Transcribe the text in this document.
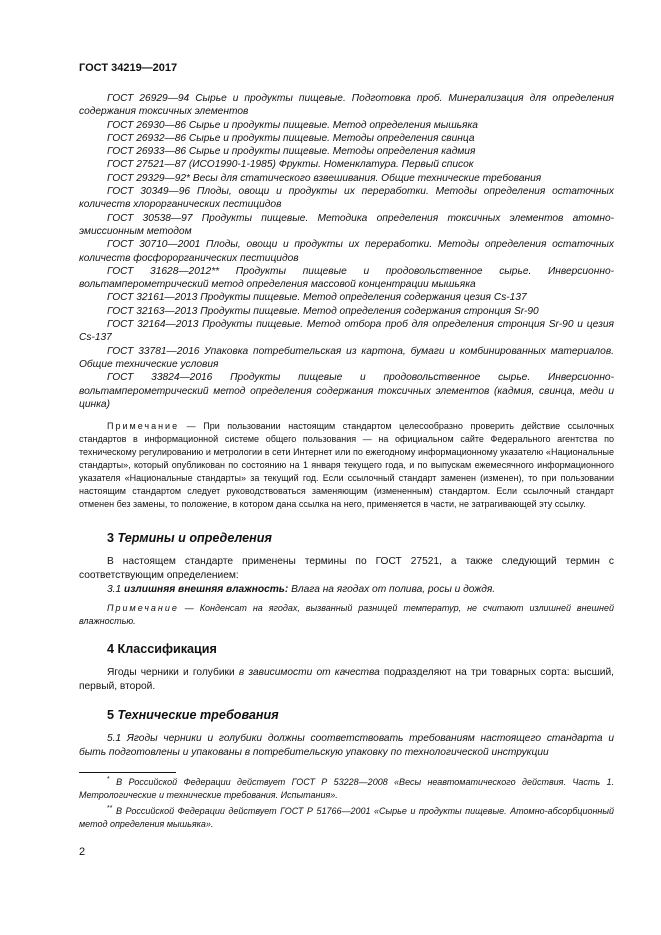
ГОСТ 34219—2017

ГОСТ 26929—94 Сырье и продукты пищевые. Подготовка проб. Минерализация для определения содержания токсичных элементов

ГОСТ 26930—86 Сырье и продукты пищевые. Метод определения мышьяка

ГОСТ 26932—86 Сырье и продукты пищевые. Методы определения свинца

ГОСТ 26933—86 Сырье и продукты пищевые. Методы определения кадмия

ГОСТ 27521—87 (ИСО1990-1-1985) Фрукты. Номенклатура. Первый список

ГОСТ 29329—92* Весы для статического взвешивания. Общие технические требования

ГОСТ 30349—96 Плоды, овощи и продукты их переработки. Методы определения остаточных количеств хлорорганических пестицидов

ГОСТ 30538—97 Продукты пищевые. Методика определения токсичных элементов атомно-эмиссионным методом

ГОСТ 30710—2001 Плоды, овощи и продукты их переработки. Методы определения остаточных количеств фосфорорганических пестицидов

ГОСТ 31628—2012** Продукты пищевые и продовольственное сырье. Инверсионно-вольтамперометрический метод определения массовой концентрации мышьяка

ГОСТ 32161—2013 Продукты пищевые. Метод определения содержания цезия Cs-137

ГОСТ 32163—2013 Продукты пищевые. Метод определения содержания стронция Sr-90

ГОСТ 32164—2013 Продукты пищевые. Метод отбора проб для определения стронция Sr-90 и цезия Cs-137

ГОСТ 33781—2016 Упаковка потребительская из картона, бумаги и комбинированных материалов. Общие технические условия

ГОСТ 33824—2016 Продукты пищевые и продовольственное сырье. Инверсионно-вольтамперометрический метод определения содержания токсичных элементов (кадмия, свинца, меди и цинка)

Примечание — При пользовании настоящим стандартом целесообразно проверить действие ссылочных стандартов в информационной системе общего пользования — на официальном сайте Федерального агентства по техническому регулированию и метрологии в сети Интернет или по ежегодному информационному указателю «Национальные стандарты», который опубликован по состоянию на 1 января текущего года, и по выпускам ежемесячного информационного указателя «Национальные стандарты» за текущий год. Если ссылочный стандарт заменен (изменен), то при пользовании настоящим стандартом следует руководствоваться заменяющим (измененным) стандартом. Если ссылочный стандарт отменен без замены, то положение, в котором дана ссылка на него, применяется в части, не затрагивающей эту ссылку.

3 Термины и определения

В настоящем стандарте применены термины по ГОСТ 27521, а также следующий термин с соответствующим определением:

3.1 излишняя внешняя влажность: Влага на ягодах от полива, росы и дождя.

Примечание — Конденсат на ягодах, вызванный разницей температур, не считают излишней внешней влажностью.

4 Классификация

Ягоды черники и голубики в зависимости от качества подразделяют на три товарных сорта: высший, первый, второй.

5 Технические требования

5.1 Ягоды черники и голубики должны соответствовать требованиям настоящего стандарта и быть подготовлены и упакованы в потребительскую упаковку по технологической инструкции

* В Российской Федерации действует ГОСТ Р 53228—2008 «Весы неавтоматического действия. Часть 1. Метрологические и технические требования. Испытания».

** В Российской Федерации действует ГОСТ Р 51766—2001 «Сырье и продукты пищевые. Атомно-абсорбционный метод определения мышьяка».

2
